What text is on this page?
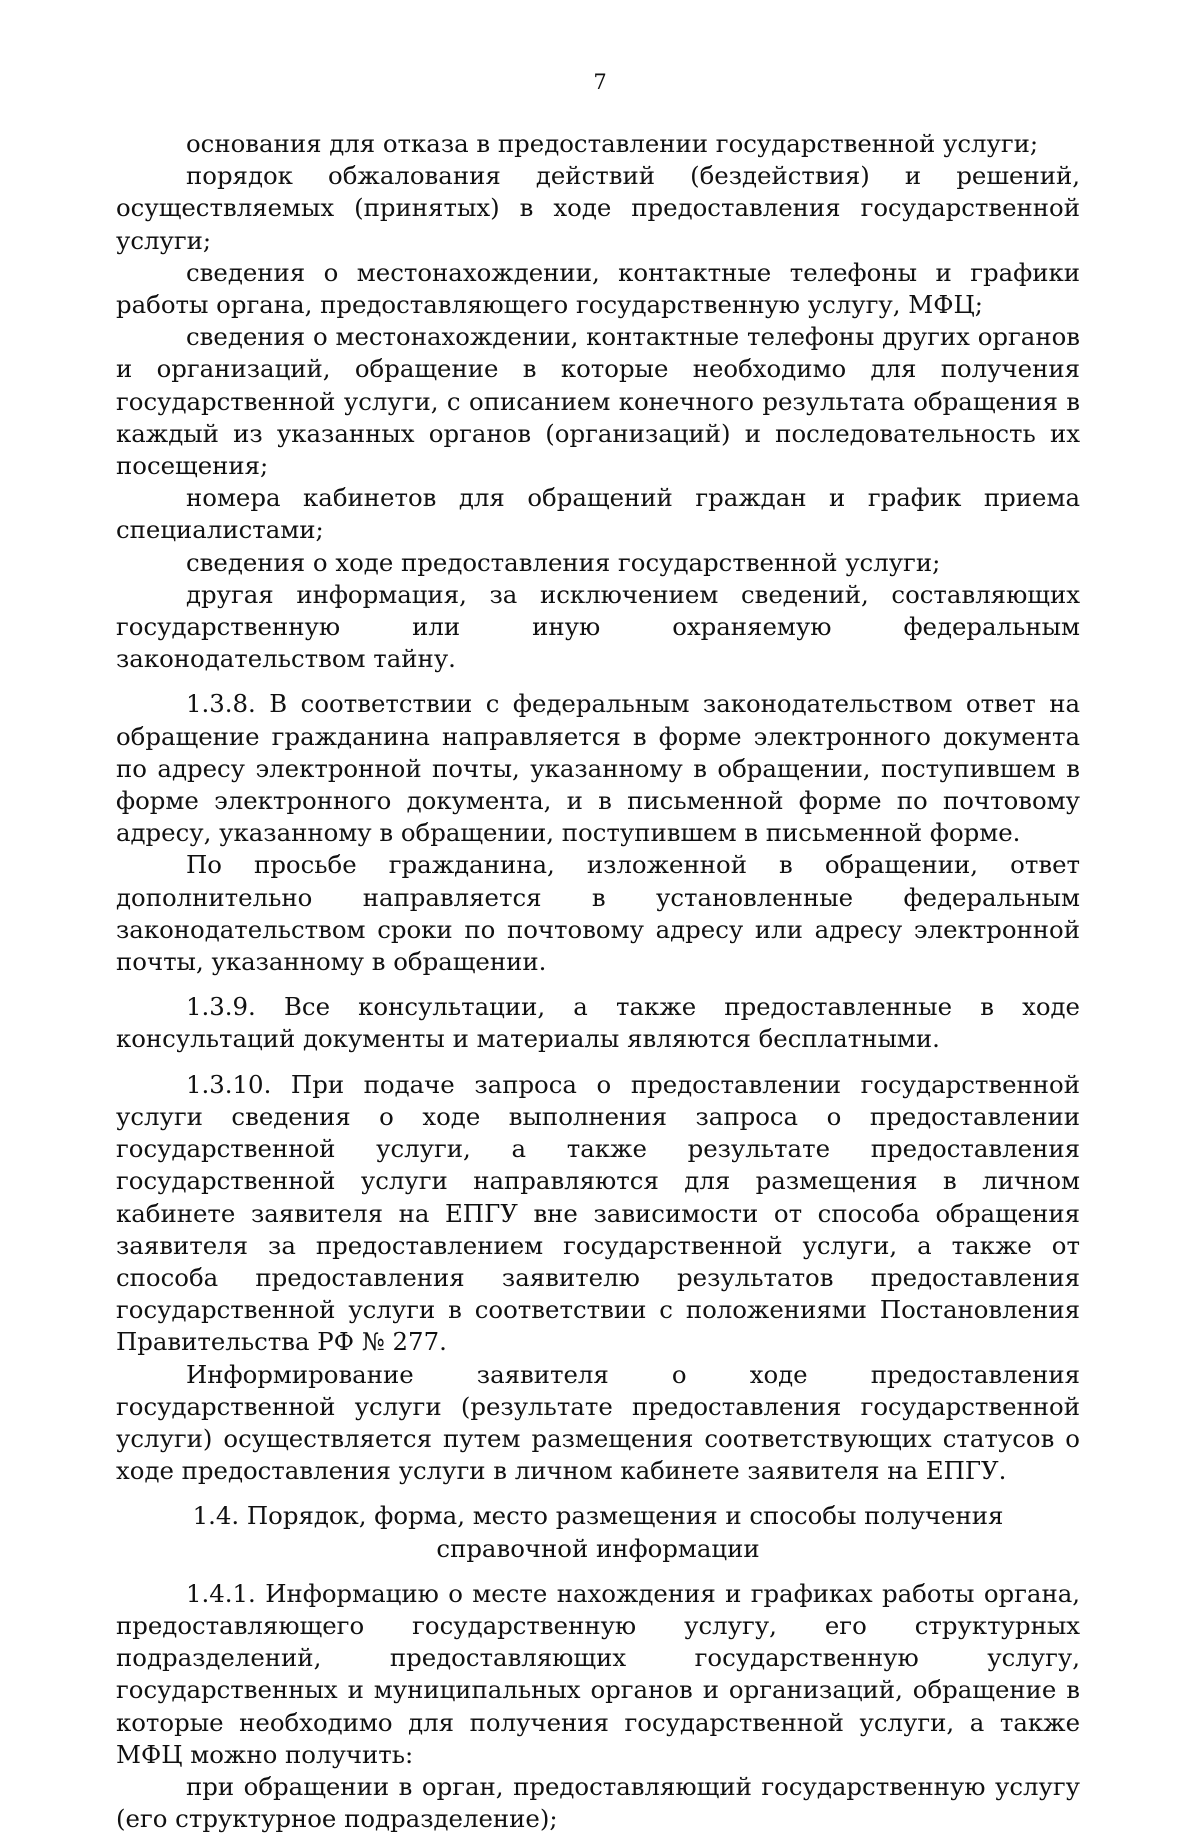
7

основания для отказа в предоставлении государственной услуги;

порядок обжалования действий (бездействия) и решений, осуществляемых (принятых) в ходе предоставления государственной услуги;

сведения о местонахождении, контактные телефоны и графики работы органа, предоставляющего государственную услугу, МФЦ;

сведения о местонахождении, контактные телефоны других органов и организаций, обращение в которые необходимо для получения государственной услуги, с описанием конечного результата обращения в каждый из указанных органов (организаций) и последовательность их посещения;

номера кабинетов для обращений граждан и график приема специалистами;

сведения о ходе предоставления государственной услуги;

другая информация, за исключением сведений, составляющих государственную или иную охраняемую федеральным законодательством тайну.

1.3.8. В соответствии с федеральным законодательством ответ на обращение гражданина направляется в форме электронного документа по адресу электронной почты, указанному в обращении, поступившем в форме электронного документа, и в письменной форме по почтовому адресу, указанному в обращении, поступившем в письменной форме.

По просьбе гражданина, изложенной в обращении, ответ дополнительно направляется в установленные федеральным законодательством сроки по почтовому адресу или адресу электронной почты, указанному в обращении.

1.3.9. Все консультации, а также предоставленные в ходе консультаций документы и материалы являются бесплатными.

1.3.10. При подаче запроса о предоставлении государственной услуги сведения о ходе выполнения запроса о предоставлении государственной услуги, а также результате предоставления государственной услуги направляются для размещения в личном кабинете заявителя на ЕПГУ вне зависимости от способа обращения заявителя за предоставлением государственной услуги, а также от способа предоставления заявителю результатов предоставления государственной услуги в соответствии с положениями Постановления Правительства РФ № 277.

Информирование заявителя о ходе предоставления государственной услуги (результате предоставления государственной услуги) осуществляется путем размещения соответствующих статусов о ходе предоставления услуги в личном кабинете заявителя на ЕПГУ.

1.4. Порядок, форма, место размещения и способы получения справочной информации

1.4.1. Информацию о месте нахождения и графиках работы органа, предоставляющего государственную услугу, его структурных подразделений, предоставляющих государственную услугу, государственных и муниципальных органов и организаций, обращение в которые необходимо для получения государственной услуги, а также МФЦ можно получить:

при обращении в орган, предоставляющий государственную услугу (его структурное подразделение);
